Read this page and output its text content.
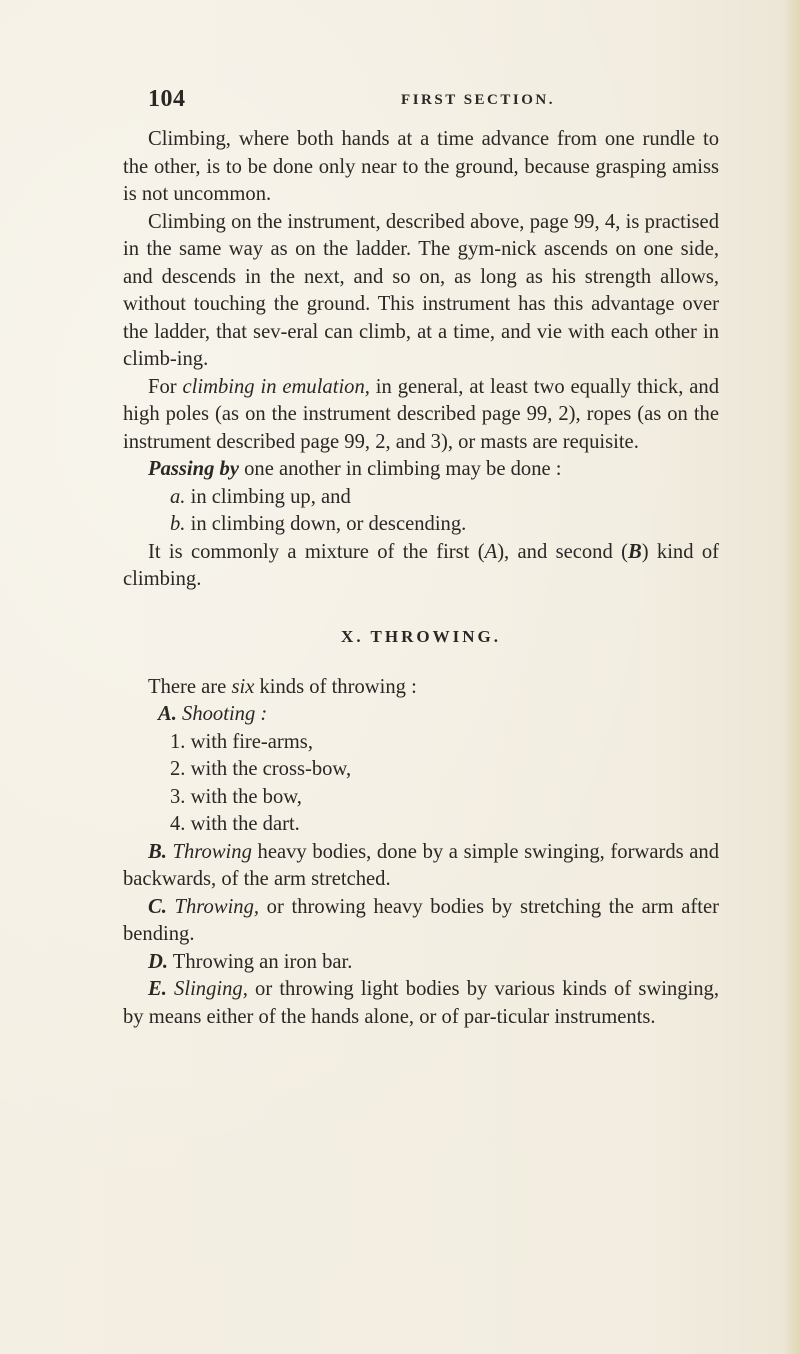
104	FIRST SECTION.

Climbing, where both hands at a time advance from one rundle to the other, is to be done only near to the ground, because grasping amiss is not uncommon.

Climbing on the instrument, described above, page 99, 4, is practised in the same way as on the ladder. The gym-nick ascends on one side, and descends in the next, and so on, as long as his strength allows, without touching the ground. This instrument has this advantage over the ladder, that sev-eral can climb, at a time, and vie with each other in climb-ing.

For climbing in emulation, in general, at least two equally thick, and high poles (as on the instrument described page 99, 2), ropes (as on the instrument described page 99, 2, and 3), or masts are requisite.

Passing by one another in climbing may be done :

a. in climbing up, and

b. in climbing down, or descending.

It is commonly a mixture of the first (A), and second (B) kind of climbing.

X. THROWING.

There are six kinds of throwing :

A. Shooting :

1. with fire-arms,

2. with the cross-bow,

3. with the bow,

4. with the dart.

B. Throwing heavy bodies, done by a simple swinging, forwards and backwards, of the arm stretched.

C. Throwing, or throwing heavy bodies by stretching the arm after bending.

D. Throwing an iron bar.

E. Slinging, or throwing light bodies by various kinds of swinging, by means either of the hands alone, or of par-ticular instruments.
